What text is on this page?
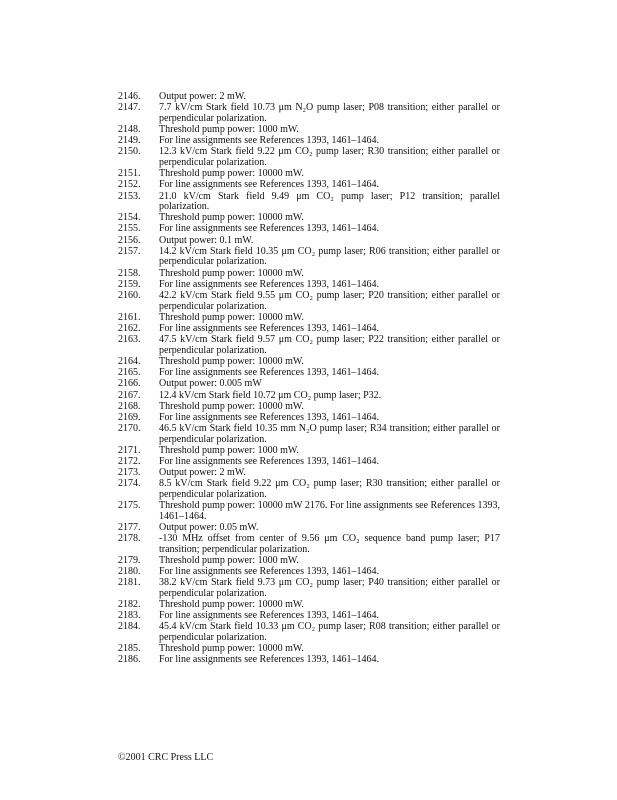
2146.	Output power: 2 mW.
2147.	7.7 kV/cm Stark field 10.73 μm N₂O pump laser; P08 transition; either parallel or perpendicular polarization.
2148.	Threshold pump power: 1000 mW.
2149.	For line assignments see References 1393, 1461–1464.
2150.	12.3 kV/cm Stark field 9.22 μm CO₂ pump laser; R30 transition; either parallel or perpendicular polarization.
2151.	Threshold pump power: 10000 mW.
2152.	For line assignments see References 1393, 1461–1464.
2153.	21.0 kV/cm Stark field 9.49 μm CO₂ pump laser; P12 transition; parallel polarization.
2154.	Threshold pump power: 10000 mW.
2155.	For line assignments see References 1393, 1461–1464.
2156.	Output power: 0.1 mW.
2157.	14.2 kV/cm Stark field 10.35 μm CO₂ pump laser; R06 transition; either parallel or perpendicular polarization.
2158.	Threshold pump power: 10000 mW.
2159.	For line assignments see References 1393, 1461–1464.
2160.	42.2 kV/cm Stark field 9.55 μm CO₂ pump laser; P20 transition; either parallel or perpendicular polarization.
2161.	Threshold pump power: 10000 mW.
2162.	For line assignments see References 1393, 1461–1464.
2163.	47.5 kV/cm Stark field 9.57 μm CO₂ pump laser; P22 transition; either parallel or perpendicular polarization.
2164.	Threshold pump power: 10000 mW.
2165.	For line assignments see References 1393, 1461–1464.
2166.	Output power: 0.005 mW
2167.	12.4 kV/cm Stark field 10.72 μm CO₂ pump laser; P32.
2168.	Threshold pump power: 10000 mW.
2169.	For line assignments see References 1393, 1461–1464.
2170.	46.5 kV/cm Stark field 10.35 mm N₂O pump laser; R34 transition; either parallel or perpendicular polarization.
2171.	Threshold pump power: 1000 mW.
2172.	For line assignments see References 1393, 1461–1464.
2173.	Output power: 2 mW.
2174.	8.5 kV/cm Stark field 9.22 μm CO₂ pump laser; R30 transition; either parallel or perpendicular polarization.
2175.	Threshold pump power: 10000 mW 2176. For line assignments see References 1393, 1461–1464.
2177.	Output power: 0.05 mW.
2178.	-130 MHz offset from center of 9.56 μm CO₂ sequence band pump laser; P17 transition; perpendicular polarization.
2179.	Threshold pump power: 1000 mW.
2180.	For line assignments see References 1393, 1461–1464.
2181.	38.2 kV/cm Stark field 9.73 μm CO₂ pump laser; P40 transition; either parallel or perpendicular polarization.
2182.	Threshold pump power: 10000 mW.
2183.	For line assignments see References 1393, 1461–1464.
2184.	45.4 kV/cm Stark field 10.33 μm CO₂ pump laser; R08 transition; either parallel or perpendicular polarization.
2185.	Threshold pump power: 10000 mW.
2186.	For line assignments see References 1393, 1461–1464.
©2001 CRC Press LLC
